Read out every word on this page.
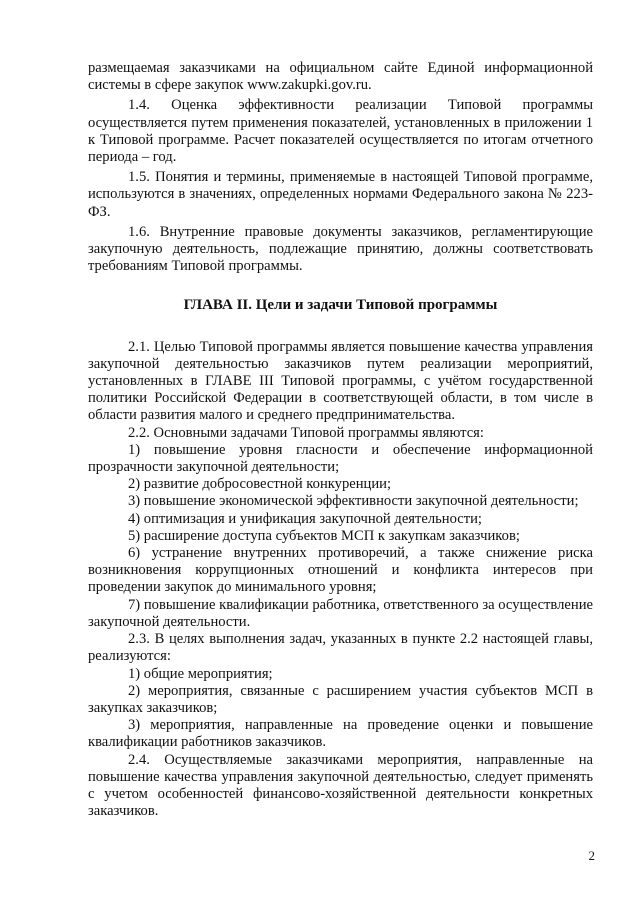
размещаемая заказчиками на официальном сайте Единой информационной системы в сфере закупок www.zakupki.gov.ru.

1.4. Оценка эффективности реализации Типовой программы осуществляется путем применения показателей, установленных в приложении 1 к Типовой программе. Расчет показателей осуществляется по итогам отчетного периода – год.

1.5. Понятия и термины, применяемые в настоящей Типовой программе, используются в значениях, определенных нормами Федерального закона № 223-ФЗ.

1.6. Внутренние правовые документы заказчиков, регламентирующие закупочную деятельность, подлежащие принятию, должны соответствовать требованиям Типовой программы.

ГЛАВА II. Цели и задачи Типовой программы

2.1. Целью Типовой программы является повышение качества управления закупочной деятельностью заказчиков путем реализации мероприятий, установленных в ГЛАВЕ III Типовой программы, с учётом государственной политики Российской Федерации в соответствующей области, в том числе в области развития малого и среднего предпринимательства.

2.2. Основными задачами Типовой программы являются:

1) повышение уровня гласности и обеспечение информационной прозрачности закупочной деятельности;

2) развитие добросовестной конкуренции;

3) повышение экономической эффективности закупочной деятельности;

4) оптимизация и унификация закупочной деятельности;

5) расширение доступа субъектов МСП к закупкам заказчиков;

6) устранение внутренних противоречий, а также снижение риска возникновения коррупционных отношений и конфликта интересов при проведении закупок до минимального уровня;

7) повышение квалификации работника, ответственного за осуществление закупочной деятельности.

2.3. В целях выполнения задач, указанных в пункте 2.2 настоящей главы, реализуются:

1) общие мероприятия;

2) мероприятия, связанные с расширением участия субъектов МСП в закупках заказчиков;

3) мероприятия, направленные на проведение оценки и повышение квалификации работников заказчиков.

2.4. Осуществляемые заказчиками мероприятия, направленные на повышение качества управления закупочной деятельностью, следует применять с учетом особенностей финансово-хозяйственной деятельности конкретных заказчиков.

2
